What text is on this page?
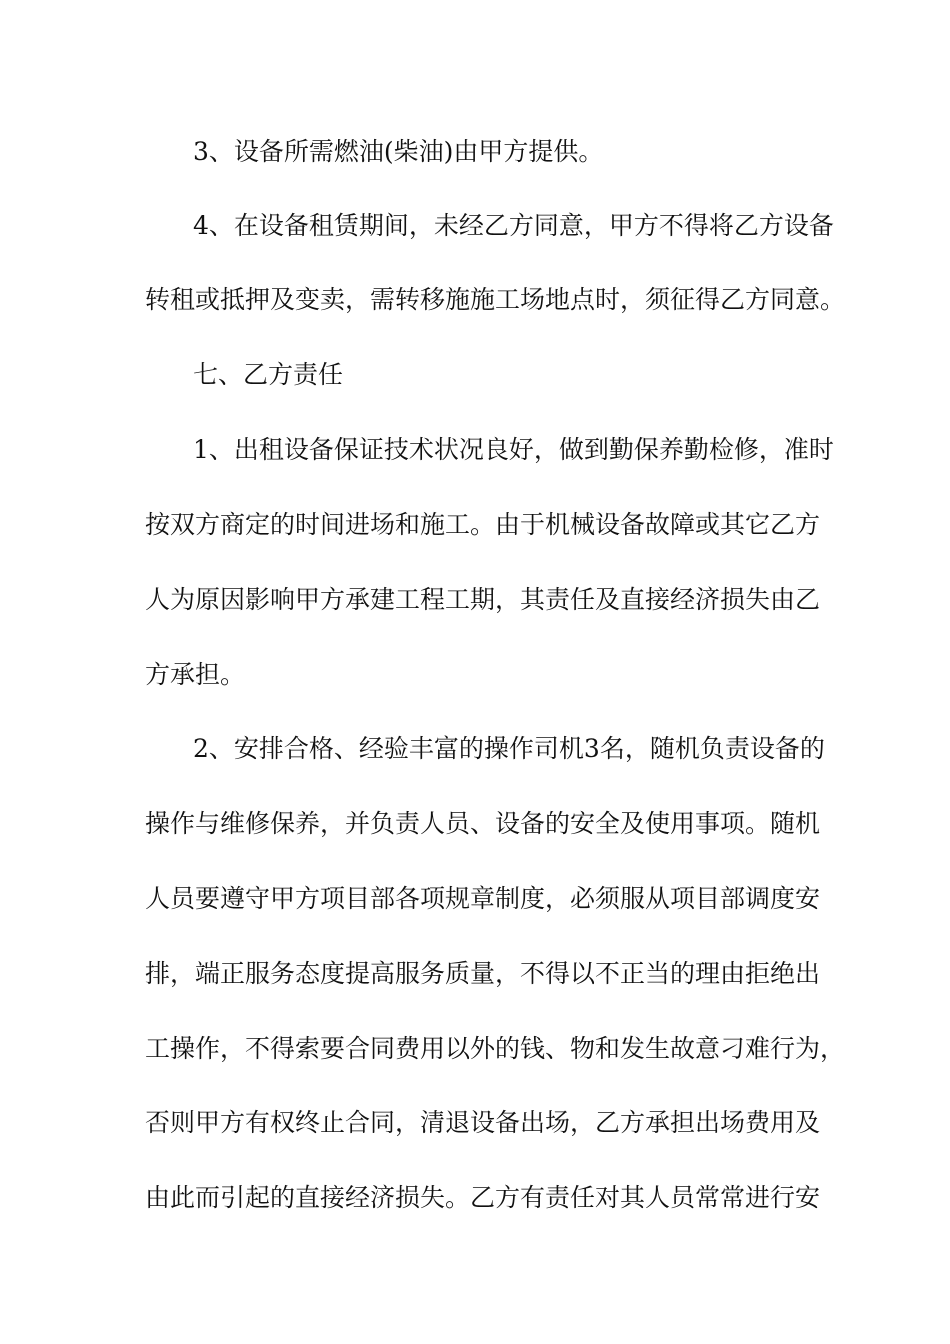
3、设备所需燃油(柴油)由甲方提供。
4、在设备租赁期间，未经乙方同意，甲方不得将乙方设备
转租或抵押及变卖，需转移施施工场地点时，须征得乙方同意。
七、乙方责任
1、出租设备保证技术状况良好，做到勤保养勤检修，准时
按双方商定的时间进场和施工。由于机械设备故障或其它乙方
人为原因影响甲方承建工程工期，其责任及直接经济损失由乙
方承担。
2、安排合格、经验丰富的操作司机3名，随机负责设备的
操作与维修保养，并负责人员、设备的安全及使用事项。随机
人员要遵守甲方项目部各项规章制度，必须服从项目部调度安
排，端正服务态度提高服务质量，不得以不正当的理由拒绝出
工操作，不得索要合同费用以外的钱、物和发生故意刁难行为，
否则甲方有权终止合同，清退设备出场，乙方承担出场费用及
由此而引起的直接经济损失。乙方有责任对其人员常常进行安
